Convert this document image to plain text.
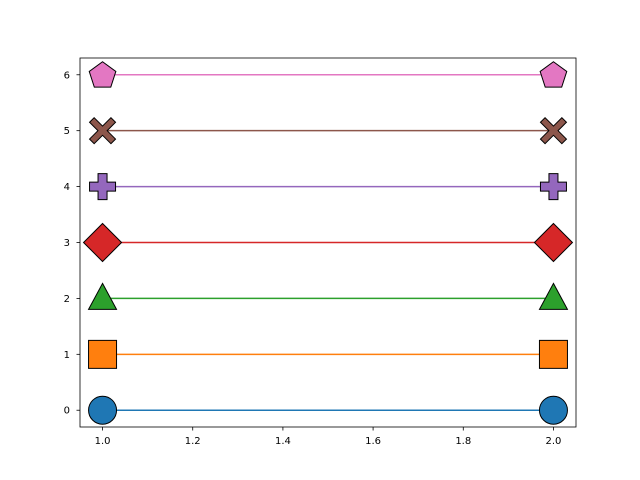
1.0	1.2	1.4	1.6	1.8	2.0
0
1
2
3
4
5
6
